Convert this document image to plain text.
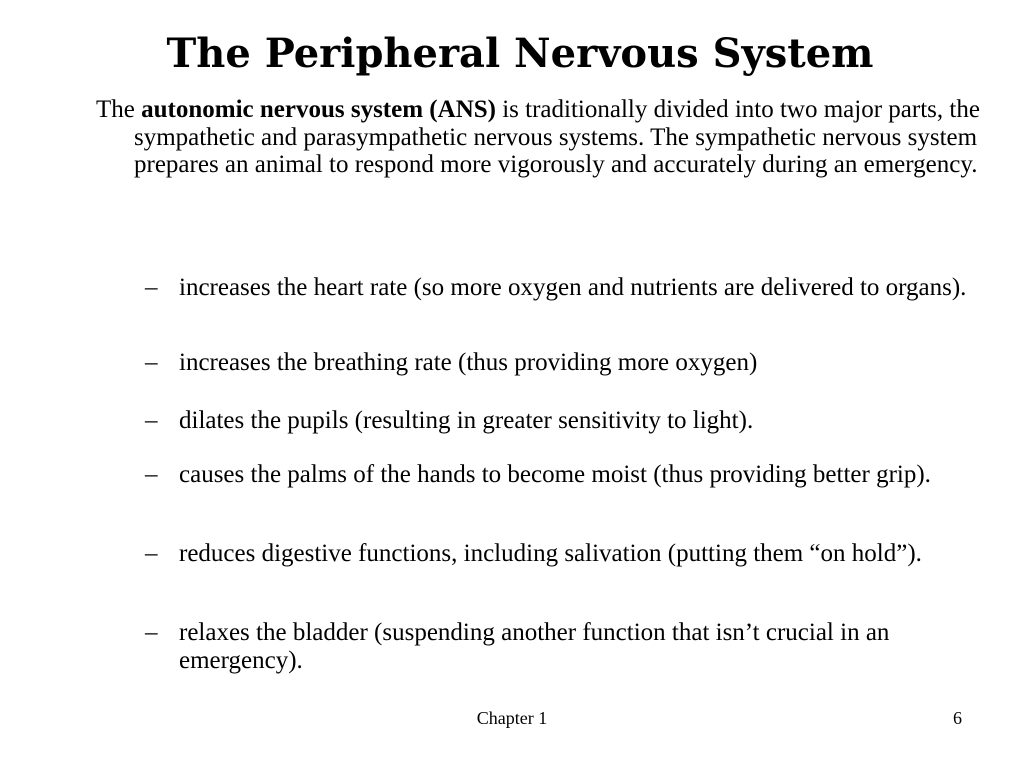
The Peripheral Nervous System
The autonomic nervous system (ANS) is traditionally divided into two major parts, the sympathetic and parasympathetic nervous systems. The sympathetic nervous system prepares an animal to respond more vigorously and accurately during an emergency.
– increases the heart rate (so more oxygen and nutrients are delivered to organs).
– increases the breathing rate (thus providing more oxygen)
– dilates the pupils (resulting in greater sensitivity to light).
– causes the palms of the hands to become moist (thus providing better grip).
– reduces digestive functions, including salivation (putting them “on hold”).
– relaxes the bladder (suspending another function that isn’t crucial in an emergency).
Chapter 1	6
